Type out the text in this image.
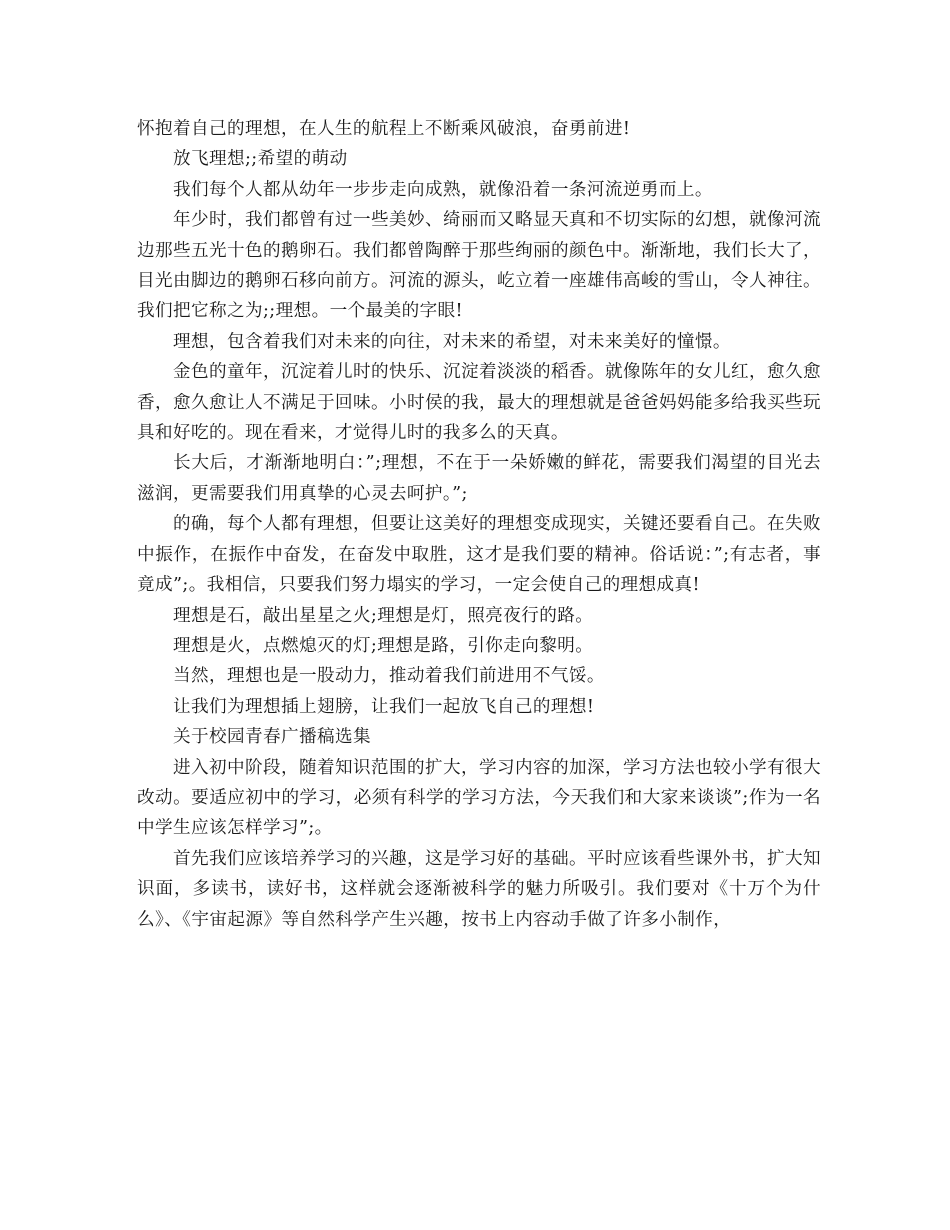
怀抱着自己的理想，在人生的航程上不断乘风破浪，奋勇前进!

放飞理想;;希望的萌动

我们每个人都从幼年一步步走向成熟，就像沿着一条河流逆勇而上。

年少时，我们都曾有过一些美妙、绮丽而又略显天真和不切实际的幻想，就像河流边那些五光十色的鹅卵石。我们都曾陶醉于那些绚丽的颜色中。渐渐地，我们长大了，目光由脚边的鹅卵石移向前方。河流的源头，屹立着一座雄伟高峻的雪山，令人神往。我们把它称之为;;理想。一个最美的字眼!

理想，包含着我们对未来的向往，对未来的希望，对未来美好的憧憬。

金色的童年，沉淀着儿时的快乐、沉淀着淡淡的稻香。就像陈年的女儿红，愈久愈香，愈久愈让人不满足于回味。小时侯的我，最大的理想就是爸爸妈妈能多给我买些玩具和好吃的。现在看来，才觉得儿时的我多么的天真。

长大后，才渐渐地明白：”;理想，不在于一朵娇嫩的鲜花，需要我们渴望的目光去滋润，更需要我们用真挚的心灵去呵护。”;

的确，每个人都有理想，但要让这美好的理想变成现实，关键还要看自己。在失败中振作，在振作中奋发，在奋发中取胜，这才是我们要的精神。俗话说：”;有志者，事竟成”;。我相信，只要我们努力塌实的学习，一定会使自己的理想成真!

理想是石，敲出星星之火;理想是灯，照亮夜行的路。

理想是火，点燃熄灭的灯;理想是路，引你走向黎明。

当然，理想也是一股动力，推动着我们前进用不气馁。

让我们为理想插上翅膀，让我们一起放飞自己的理想!

关于校园青春广播稿选集

进入初中阶段，随着知识范围的扩大，学习内容的加深，学习方法也较小学有很大改动。要适应初中的学习，必须有科学的学习方法，今天我们和大家来谈谈”;作为一名中学生应该怎样学习”;。

首先我们应该培养学习的兴趣，这是学习好的基础。平时应该看些课外书，扩大知识面，多读书，读好书，这样就会逐渐被科学的魅力所吸引。我们要对《十万个为什么》、《宇宙起源》等自然科学产生兴趣，按书上内容动手做了许多小制作，
